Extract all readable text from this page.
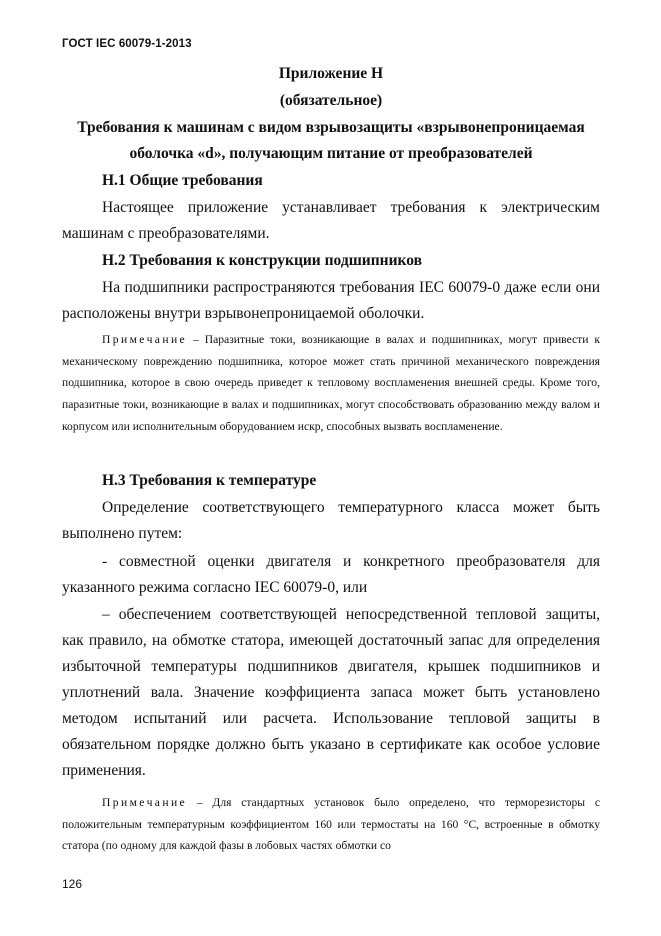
ГОСТ IEC 60079-1-2013
Приложение H
(обязательное)
Требования к машинам с видом взрывозащиты «взрывонепроницаемая
оболочка «d», получающим питание от преобразователей
H.1 Общие требования
Настоящее приложение устанавливает требования к электрическим машинам с преобразователями.
H.2 Требования к конструкции подшипников
На подшипники распространяются требования IEC 60079-0 даже если они расположены внутри взрывонепроницаемой оболочки.
Примечание – Паразитные токи, возникающие в валах и подшипниках, могут привести к механическому повреждению подшипника, которое может стать причиной механического повреждения подшипника, которое в свою очередь приведет к тепловому воспламенения внешней среды. Кроме того, паразитные токи, возникающие в валах и подшипниках, могут способствовать образованию между валом и корпусом или исполнительным оборудованием искр, способных вызвать воспламенение.
H.3 Требования к температуре
Определение соответствующего температурного класса может быть выполнено путем:
- совместной оценки двигателя и конкретного преобразователя для указанного режима согласно IEC 60079-0, или
– обеспечением соответствующей непосредственной тепловой защиты, как правило, на обмотке статора, имеющей достаточный запас для определения избыточной температуры подшипников двигателя, крышек подшипников и уплотнений вала. Значение коэффициента запаса может быть установлено методом испытаний или расчета. Использование тепловой защиты в обязательном порядке должно быть указано в сертификате как особое условие применения.
Примечание – Для стандартных установок было определено, что терморезисторы с положительным температурным коэффициентом 160 или термостаты на 160 °С, встроенные в обмотку статора (по одному для каждой фазы в лобовых частях обмотки со
126
